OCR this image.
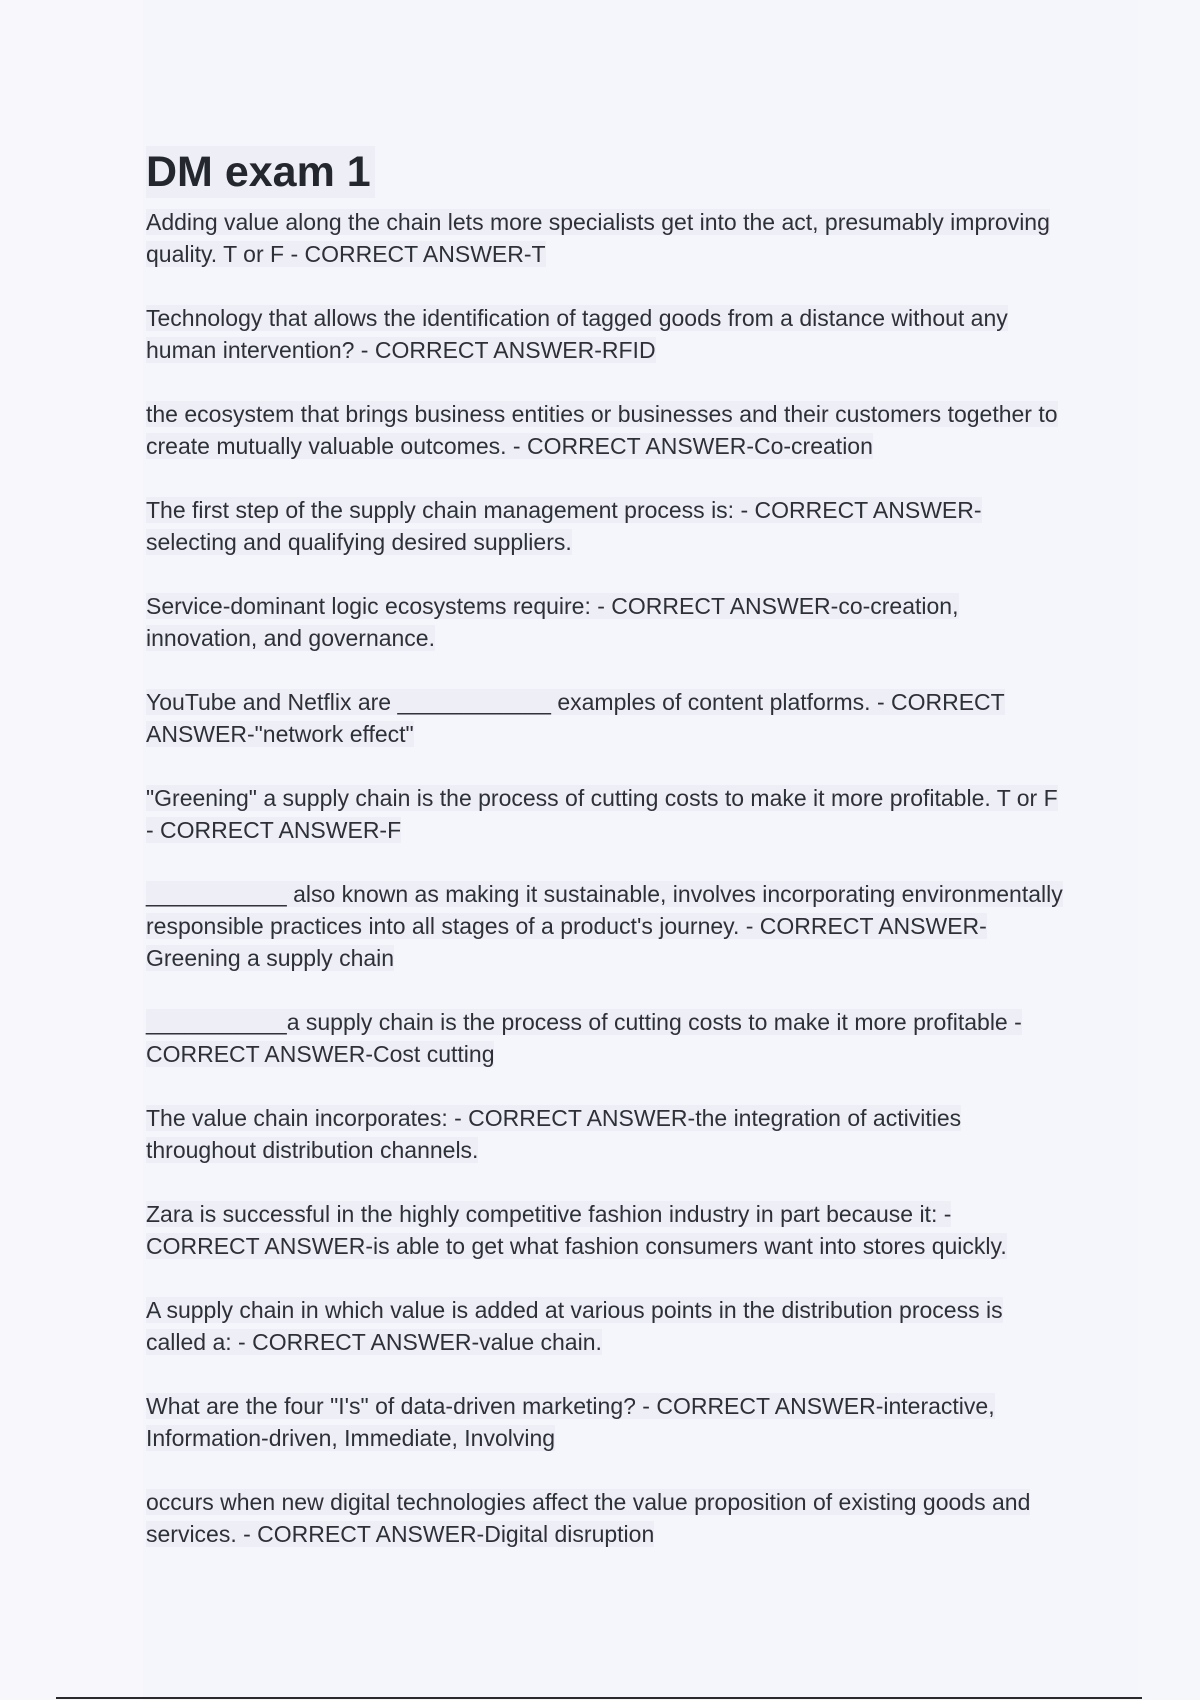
DM exam 1
Adding value along the chain lets more specialists get into the act, presumably improving quality. T or F - CORRECT ANSWER-T
Technology that allows the identification of tagged goods from a distance without any human intervention? - CORRECT ANSWER-RFID
the ecosystem that brings business entities or businesses and their customers together to create mutually valuable outcomes. - CORRECT ANSWER-Co-creation
The first step of the supply chain management process is: - CORRECT ANSWER-selecting and qualifying desired suppliers.
Service-dominant logic ecosystems require: - CORRECT ANSWER-co-creation, innovation, and governance.
YouTube and Netflix are ____________ examples of content platforms. - CORRECT ANSWER-"network effect"
"Greening" a supply chain is the process of cutting costs to make it more profitable. T or F - CORRECT ANSWER-F
___________ also known as making it sustainable, involves incorporating environmentally responsible practices into all stages of a product's journey. - CORRECT ANSWER-Greening a supply chain
___________a supply chain is the process of cutting costs to make it more profitable - CORRECT ANSWER-Cost cutting
The value chain incorporates: - CORRECT ANSWER-the integration of activities throughout distribution channels.
Zara is successful in the highly competitive fashion industry in part because it: - CORRECT ANSWER-is able to get what fashion consumers want into stores quickly.
A supply chain in which value is added at various points in the distribution process is called a: - CORRECT ANSWER-value chain.
What are the four "I's" of data-driven marketing? - CORRECT ANSWER-interactive, Information-driven, Immediate, Involving
occurs when new digital technologies affect the value proposition of existing goods and services. - CORRECT ANSWER-Digital disruption
